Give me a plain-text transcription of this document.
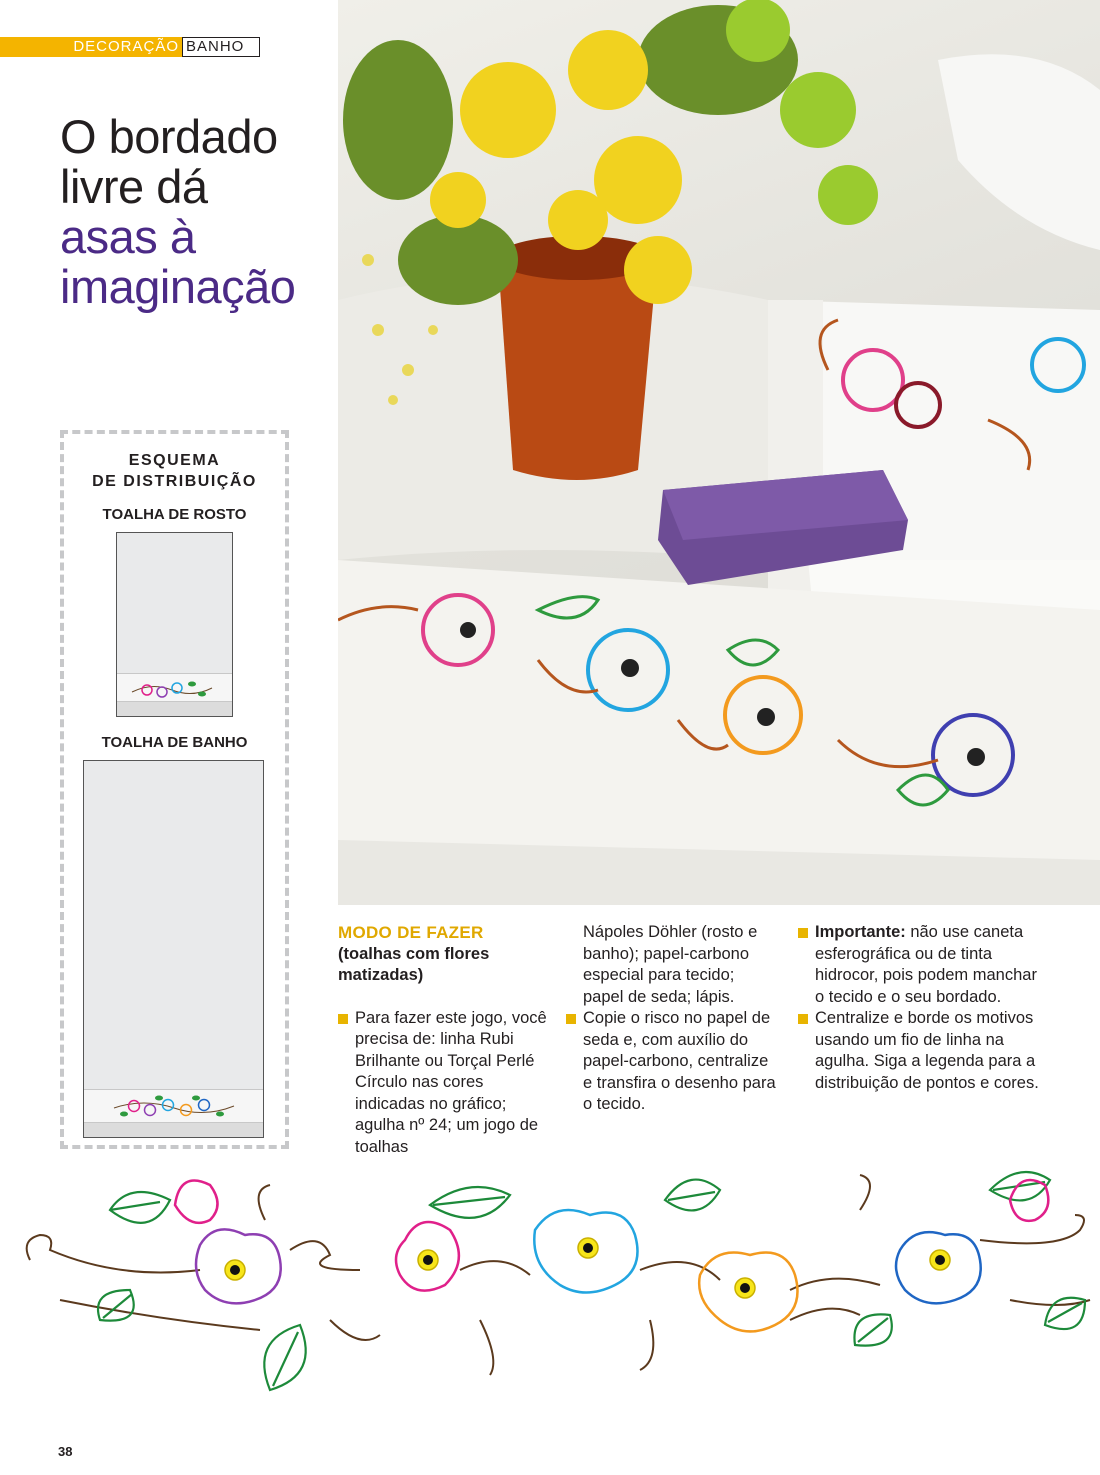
DECORAÇÃO BANHO
O bordado
livre dá
asas à
imaginação
ESQUEMA
DE DISTRIBUIÇÃO
TOALHA DE ROSTO
TOALHA DE BANHO

MODO DE FAZER

(toalhas com flores matizadas)

Para fazer este jogo, você precisa de: linha Rubi Brilhante ou Torçal Perlé Círculo nas cores indicadas no gráfico; agulha nº 24; um jogo de toalhas

Nápoles Döhler (rosto e banho); papel-carbono especial para tecido; papel de seda; lápis.

Copie o risco no papel de seda e, com auxílio do papel-carbono, centralize e transfira o desenho para o tecido.

Importante: não use caneta esferográfica ou de tinta hidrocor, pois podem manchar o tecido e o seu bordado.

Centralize e borde os motivos usando um fio de linha na agulha. Siga a legenda para a distribuição de pontos e cores.

38
